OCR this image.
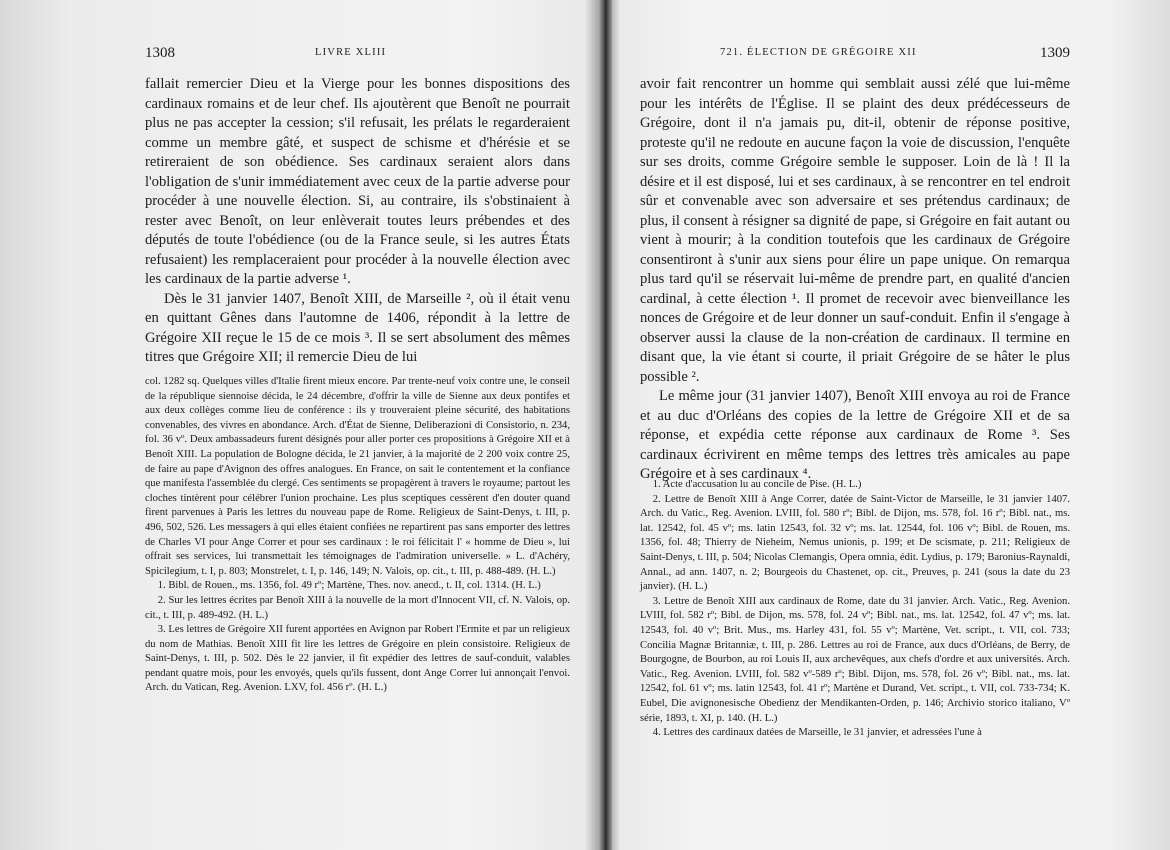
1308	LIVRE XLIII

fallait remercier Dieu et la Vierge pour les bonnes dispositions des cardinaux romains et de leur chef. Ils ajoutèrent que Benoît ne pourrait plus ne pas accepter la cession; s'il refusait, les prélats le regarderaient comme un membre gâté, et suspect de schisme et d'hérésie et se retireraient de son obédience. Ses cardinaux seraient alors dans l'obligation de s'unir immédiatement avec ceux de la partie adverse pour procéder à une nouvelle élection. Si, au contraire, ils s'obstinaient à rester avec Benoît, on leur enlèverait toutes leurs prébendes et des députés de toute l'obédience (ou de la France seule, si les autres États refusaient) les remplaceraient pour procéder à la nouvelle élection avec les cardinaux de la partie adverse ¹.

Dès le 31 janvier 1407, Benoît XIII, de Marseille ², où il était venu en quittant Gênes dans l'automne de 1406, répondit à la lettre de Grégoire XII reçue le 15 de ce mois ³. Il se sert absolument des mêmes titres que Grégoire XII; il remercie Dieu de lui

col. 1282 sq. Quelques villes d'Italie firent mieux encore. Par trente-neuf voix contre une, le conseil de la république siennoise décida, le 24 décembre, d'offrir la ville de Sienne aux deux pontifes et aux deux collèges comme lieu de conférence : ils y trouveraient pleine sécurité, des habitations convenables, des vivres en abondance. Arch. d'État de Sienne, Deliberazioni di Consistorio, n. 234, fol. 36 vº. Deux ambassadeurs furent désignés pour aller porter ces propositions à Grégoire XII et à Benoît XIII. La population de Bologne décida, le 21 janvier, à la majorité de 2 200 voix contre 25, de faire au pape d'Avignon des offres analogues. En France, on sait le contentement et la confiance que manifesta l'assemblée du clergé. Ces sentiments se propagèrent à travers le royaume; partout les cloches tintèrent pour célébrer l'union prochaine. Les plus sceptiques cessèrent d'en douter quand firent parvenues à Paris les lettres du nouveau pape de Rome. Religieux de Saint-Denys, t. III, p. 496, 502, 526. Les messagers à qui elles étaient confiées ne repartirent pas sans emporter des lettres de Charles VI pour Ange Correr et pour ses cardinaux : le roi félicitait l' « homme de Dieu », lui offrait ses services, lui transmettait les témoignages de l'admiration universelle. » L. d'Achéry, Spicilegium, t. I, p. 803; Monstrelet, t. I, p. 146, 149; N. Valois, op. cit., t. III, p. 488-489. (H. L.)

1. Bibl. de Rouen., ms. 1356, fol. 49 rº; Martène, Thes. nov. anecd., t. II, col. 1314. (H. L.)

2. Sur les lettres écrites par Benoît XIII à la nouvelle de la mort d'Innocent VII, cf. N. Valois, op. cit., t. III, p. 489-492. (H. L.)

3. Les lettres de Grégoire XII furent apportées en Avignon par Robert l'Ermite et par un religieux du nom de Mathias. Benoît XIII fit lire les lettres de Grégoire en plein consistoire. Religieux de Saint-Denys, t. III, p. 502. Dès le 22 janvier, il fit expédier des lettres de sauf-conduit, valables pendant quatre mois, pour les envoyés, quels qu'ils fussent, dont Ange Correr lui annonçait l'envoi. Arch. du Vatican, Reg. Avenion. LXV, fol. 456 rº. (H. L.)

721. ÉLECTION DE GRÉGOIRE XII	1309

avoir fait rencontrer un homme qui semblait aussi zélé que lui-même pour les intérêts de l'Église. Il se plaint des deux prédécesseurs de Grégoire, dont il n'a jamais pu, dit-il, obtenir de réponse positive, proteste qu'il ne redoute en aucune façon la voie de discussion, l'enquête sur ses droits, comme Grégoire semble le supposer. Loin de là ! Il la désire et il est disposé, lui et ses cardinaux, à se rencontrer en tel endroit sûr et convenable avec son adversaire et ses prétendus cardinaux; de plus, il consent à résigner sa dignité de pape, si Grégoire en fait autant ou vient à mourir; à la condition toutefois que les cardinaux de Grégoire consentiront à s'unir aux siens pour élire un pape unique. On remarqua plus tard qu'il se réservait lui-même de prendre part, en qualité d'ancien cardinal, à cette élection ¹. Il promet de recevoir avec bienveillance les nonces de Grégoire et de leur donner un sauf-conduit. Enfin il s'engage à observer aussi la clause de la non-création de cardinaux. Il termine en disant que, la vie étant si courte, il priait Grégoire de se hâter le plus possible ².

Le même jour (31 janvier 1407), Benoît XIII envoya au roi de France et au duc d'Orléans des copies de la lettre de Grégoire XII et de sa réponse, et expédia cette réponse aux cardinaux de Rome ³. Ses cardinaux écrivirent en même temps des lettres très amicales au pape Grégoire et à ses cardinaux ⁴.

1. Acte d'accusation lu au concile de Pise. (H. L.)

2. Lettre de Benoît XIII à Ange Correr, datée de Saint-Victor de Marseille, le 31 janvier 1407. Arch. du Vatic., Reg. Avenion. LVIII, fol. 580 rº; Bibl. de Dijon, ms. 578, fol. 16 rº; Bibl. nat., ms. lat. 12542, fol. 45 vº; ms. latin 12543, fol. 32 vº; ms. lat. 12544, fol. 106 vº; Bibl. de Rouen, ms. 1356, fol. 48; Thierry de Nieheim, Nemus unionis, p. 199; et De scismate, p. 211; Religieux de Saint-Denys, t. III, p. 504; Nicolas Clemangis, Opera omnia, édit. Lydius, p. 179; Baronius-Raynaldi, Annal., ad ann. 1407, n. 2; Bourgeois du Chastenet, op. cit., Preuves, p. 241 (sous la date du 23 janvier). (H. L.)

3. Lettre de Benoît XIII aux cardinaux de Rome, date du 31 janvier. Arch. Vatic., Reg. Avenion. LVIII, fol. 582 rº; Bibl. de Dijon, ms. 578, fol. 24 vº; Bibl. nat., ms. lat. 12542, fol. 47 vº; ms. lat. 12543, fol. 40 vº; Brit. Mus., ms. Harley 431, fol. 55 vº; Martène, Vet. script., t. VII, col. 733; Concilia Magnæ Britanniæ, t. III, p. 286. Lettres au roi de France, aux ducs d'Orléans, de Berry, de Bourgogne, de Bourbon, au roi Louis II, aux archevêques, aux chefs d'ordre et aux universités. Arch. Vatic., Reg. Avenion. LVIII, fol. 582 vº-589 rº; Bibl. Dijon, ms. 578, fol. 26 vº; Bibl. nat., ms. lat. 12542, fol. 61 vº; ms. latin 12543, fol. 41 rº; Martène et Durand, Vet. script., t. VII, col. 733-734; K. Eubel, Die avignonesische Obedienz der Mendikanten-Orden, p. 146; Archivio storico italiano, Vº série, 1893, t. XI, p. 140. (H. L.)

4. Lettres des cardinaux datées de Marseille, le 31 janvier, et adressées l'une à
